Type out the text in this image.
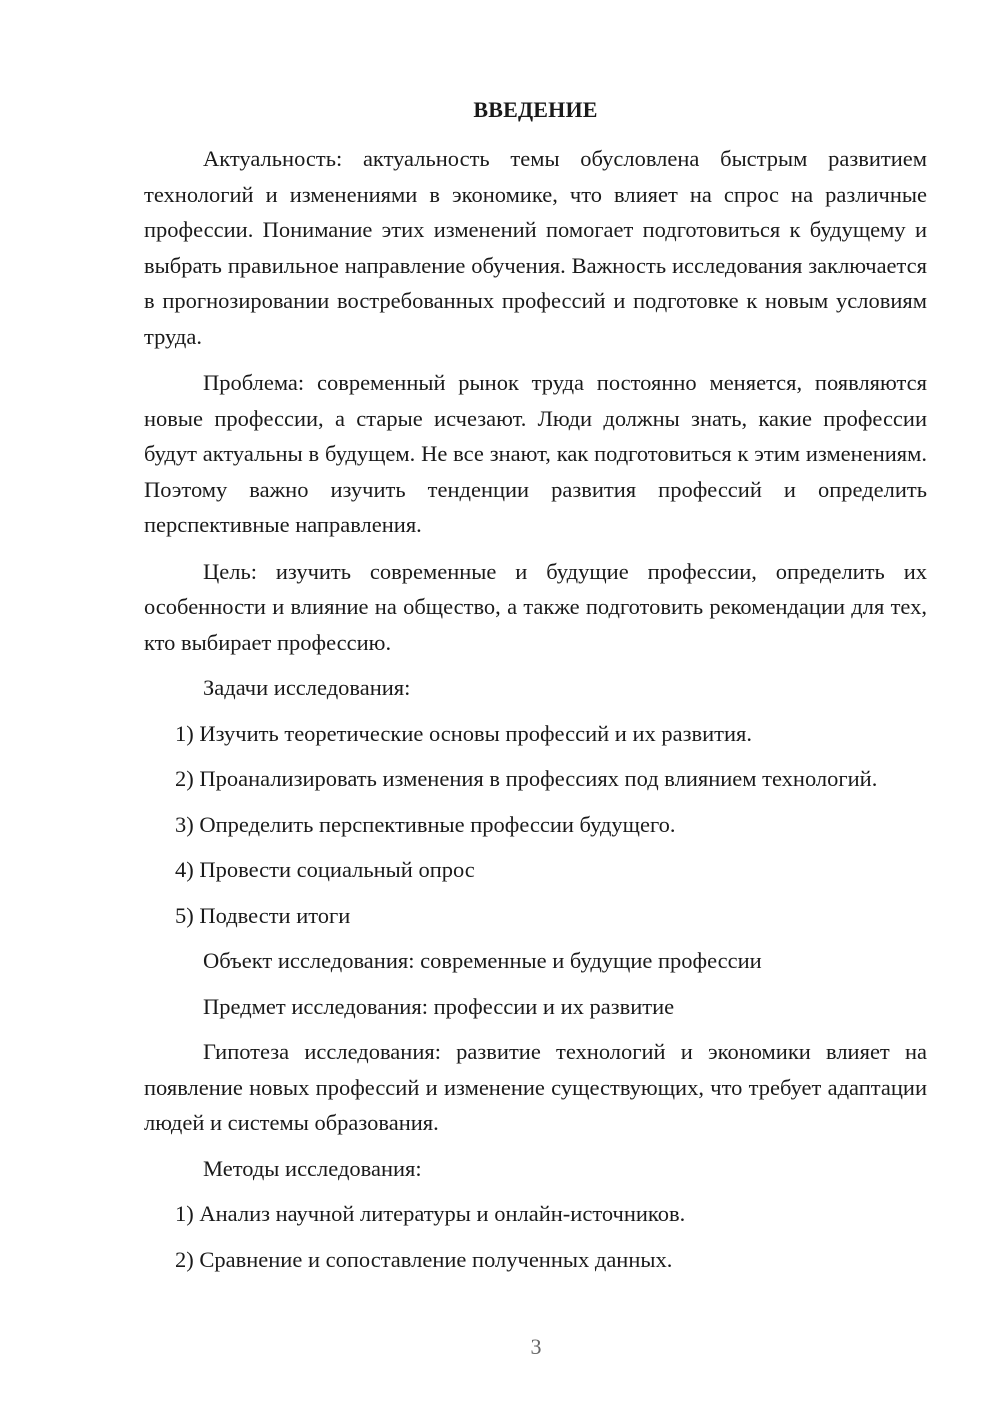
ВВЕДЕНИЕ

Актуальность: актуальность темы обусловлена быстрым развитием технологий и изменениями в экономике, что влияет на спрос на различные профессии. Понимание этих изменений помогает подготовиться к будущему и выбрать правильное направление обучения. Важность исследования заключается в прогнозировании востребованных профессий и подготовке к новым условиям труда.

Проблема: современный рынок труда постоянно меняется, появляются новые профессии, а старые исчезают. Люди должны знать, какие профессии будут актуальны в будущем. Не все знают, как подготовиться к этим изменениям. Поэтому важно изучить тенденции развития профессий и определить перспективные направления.

Цель: изучить современные и будущие профессии, определить их особенности и влияние на общество, а также подготовить рекомендации для тех, кто выбирает профессию.

Задачи исследования:

1) Изучить теоретические основы профессий и их развития.

2) Проанализировать изменения в профессиях под влиянием технологий.

3) Определить перспективные профессии будущего.

4) Провести социальный опрос

5) Подвести итоги

Объект исследования: современные и будущие профессии

Предмет исследования: профессии и их развитие

Гипотеза исследования: развитие технологий и экономики влияет на появление новых профессий и изменение существующих, что требует адаптации людей и системы образования.

Методы исследования:

1) Анализ научной литературы и онлайн-источников.

2) Сравнение и сопоставление полученных данных.

3
